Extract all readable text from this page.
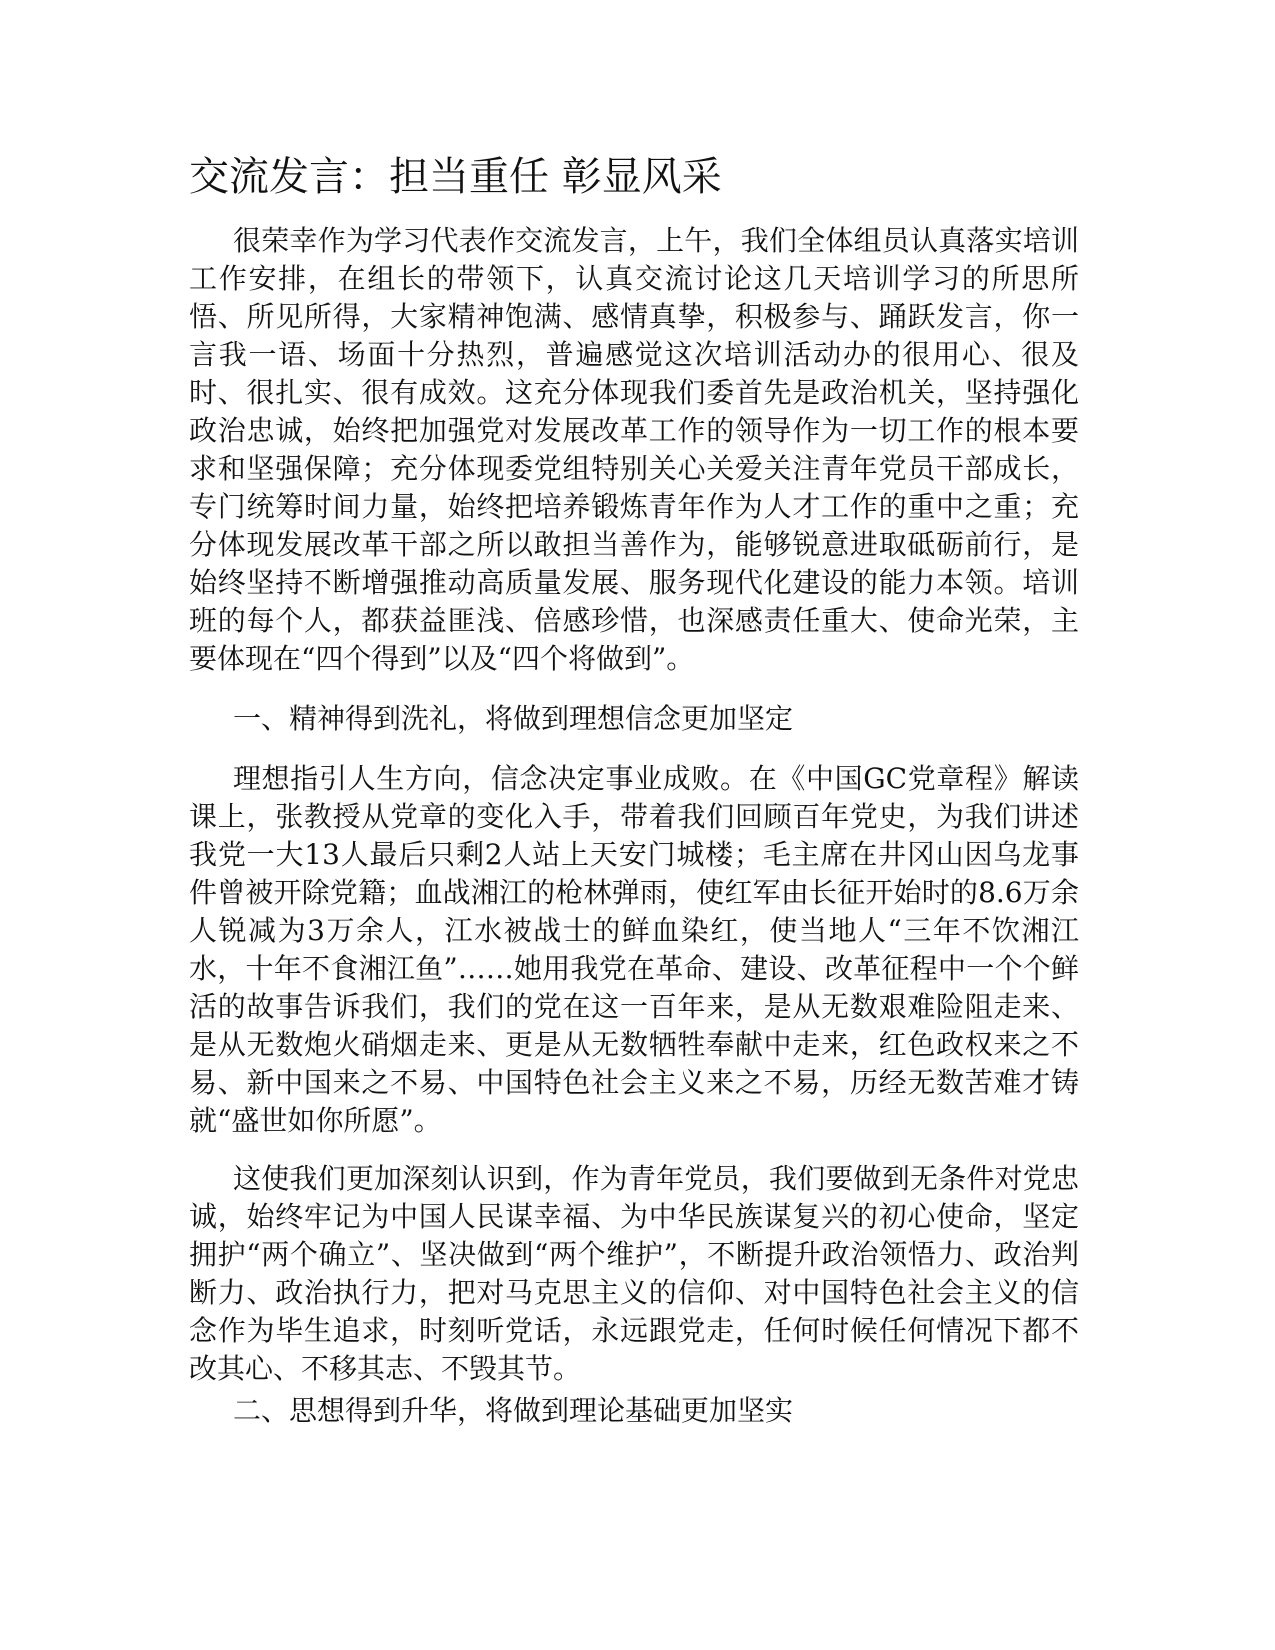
交流发言：担当重任 彰显风采

很荣幸作为学习代表作交流发言，上午，我们全体组员认真落实培训工作安排，在组长的带领下，认真交流讨论这几天培训学习的所思所悟、所见所得，大家精神饱满、感情真挚，积极参与、踊跃发言，你一言我一语、场面十分热烈，普遍感觉这次培训活动办的很用心、很及时、很扎实、很有成效。这充分体现我们委首先是政治机关，坚持强化政治忠诚，始终把加强党对发展改革工作的领导作为一切工作的根本要求和坚强保障；充分体现委党组特别关心关爱关注青年党员干部成长，专门统筹时间力量，始终把培养锻炼青年作为人才工作的重中之重；充分体现发展改革干部之所以敢担当善作为，能够锐意进取砥砺前行，是始终坚持不断增强推动高质量发展、服务现代化建设的能力本领。培训班的每个人，都获益匪浅、倍感珍惜，也深感责任重大、使命光荣，主要体现在“四个得到”以及“四个将做到”。

一、精神得到洗礼，将做到理想信念更加坚定

理想指引人生方向，信念决定事业成败。在《中国GC党章程》解读课上，张教授从党章的变化入手，带着我们回顾百年党史，为我们讲述我党一大13人最后只剩2人站上天安门城楼；毛主席在井冈山因乌龙事件曾被开除党籍；血战湘江的枪林弹雨，使红军由长征开始时的8.6万余人锐减为3万余人，江水被战士的鲜血染红，使当地人“三年不饮湘江水，十年不食湘江鱼”……她用我党在革命、建设、改革征程中一个个鲜活的故事告诉我们，我们的党在这一百年来，是从无数艰难险阻走来、是从无数炮火硝烟走来、更是从无数牺牲奉献中走来，红色政权来之不易、新中国来之不易、中国特色社会主义来之不易，历经无数苦难才铸就“盛世如你所愿”。

这使我们更加深刻认识到，作为青年党员，我们要做到无条件对党忠诚，始终牢记为中国人民谋幸福、为中华民族谋复兴的初心使命，坚定拥护“两个确立”、坚决做到“两个维护”，不断提升政治领悟力、政治判断力、政治执行力，把对马克思主义的信仰、对中国特色社会主义的信念作为毕生追求，时刻听党话，永远跟党走，任何时候任何情况下都不改其心、不移其志、不毁其节。

二、思想得到升华，将做到理论基础更加坚实
